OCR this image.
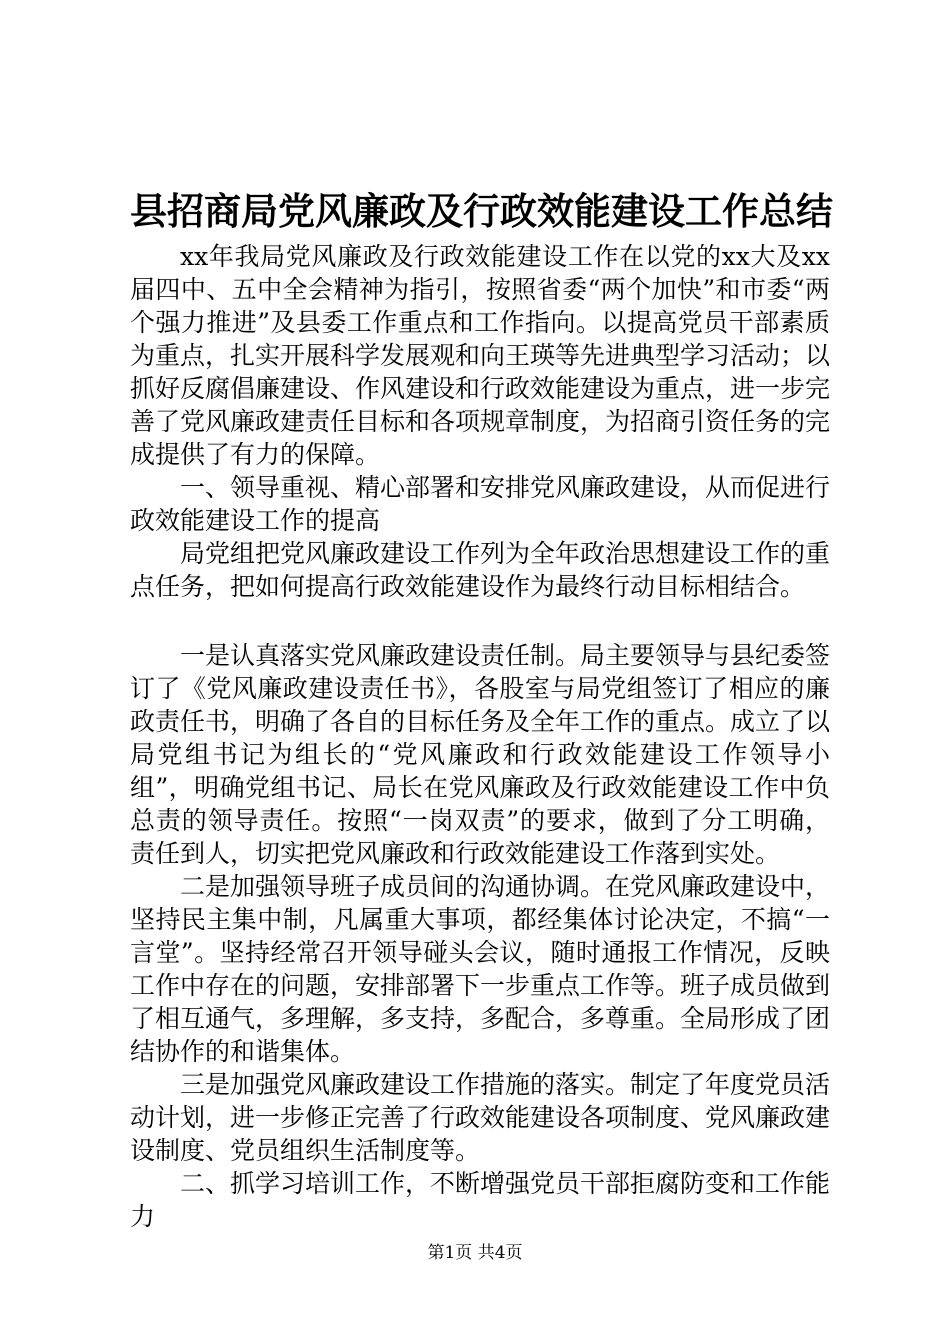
县招商局党风廉政及行政效能建设工作总结

xx年我局党风廉政及行政效能建设工作在以党的xx大及xx届四中、五中全会精神为指引，按照省委“两个加快”和市委“两个强力推进”及县委工作重点和工作指向。以提高党员干部素质为重点，扎实开展科学发展观和向王瑛等先进典型学习活动；以抓好反腐倡廉建设、作风建设和行政效能建设为重点，进一步完善了党风廉政建责任目标和各项规章制度，为招商引资任务的完成提供了有力的保障。

一、领导重视、精心部署和安排党风廉政建设，从而促进行政效能建设工作的提高

局党组把党风廉政建设工作列为全年政治思想建设工作的重点任务，把如何提高行政效能建设作为最终行动目标相结合。

一是认真落实党风廉政建设责任制。局主要领导与县纪委签订了《党风廉政建设责任书》，各股室与局党组签订了相应的廉政责任书，明确了各自的目标任务及全年工作的重点。成立了以局党组书记为组长的“党风廉政和行政效能建设工作领导小组”，明确党组书记、局长在党风廉政及行政效能建设工作中负总责的领导责任。按照“一岗双责”的要求，做到了分工明确，责任到人，切实把党风廉政和行政效能建设工作落到实处。

二是加强领导班子成员间的沟通协调。在党风廉政建设中，坚持民主集中制，凡属重大事项，都经集体讨论决定，不搞“一言堂”。坚持经常召开领导碰头会议，随时通报工作情况，反映工作中存在的问题，安排部署下一步重点工作等。班子成员做到了相互通气，多理解，多支持，多配合，多尊重。全局形成了团结协作的和谐集体。

三是加强党风廉政建设工作措施的落实。制定了年度党员活动计划，进一步修正完善了行政效能建设各项制度、党风廉政建设制度、党员组织生活制度等。

二、抓学习培训工作，不断增强党员干部拒腐防变和工作能力

第1页 共4页
